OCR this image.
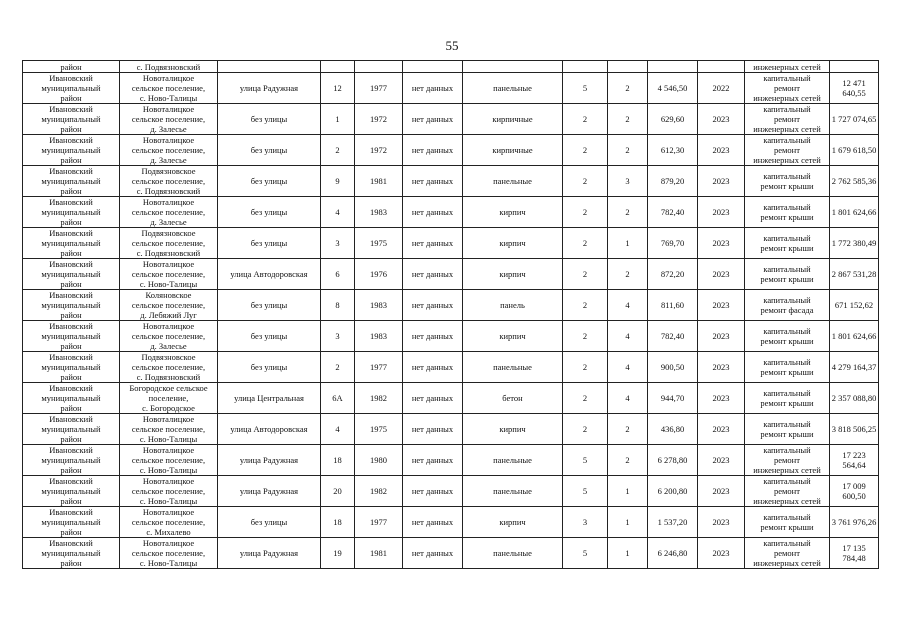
55
район	с. Подвязновский										инженерных сетей	

Ивановский
муниципальный
район	Новоталицкое
сельское поселение,
с. Ново-Талицы	улица Радужная	12	1977	нет данных	панельные	5	2	4 546,50	2022	капитальный
ремонт
инженерных сетей	12 471 640,55

Ивановский
муниципальный
район	Новоталицкое
сельское поселение,
д. Залесье	без улицы	1	1972	нет данных	кирпичные	2	2	629,60	2023	капитальный
ремонт
инженерных сетей	1 727 074,65

Ивановский
муниципальный
район	Новоталицкое
сельское поселение,
д. Залесье	без улицы	2	1972	нет данных	кирпичные	2	2	612,30	2023	капитальный
ремонт
инженерных сетей	1 679 618,50

Ивановский
муниципальный
район	Подвязновское
сельское поселение,
с. Подвязновский	без улицы	9	1981	нет данных	панельные	2	3	879,20	2023	капитальный
ремонт крыши	2 762 585,36

Ивановский
муниципальный
район	Новоталицкое
сельское поселение,
д. Залесье	без улицы	4	1983	нет данных	кирпич	2	2	782,40	2023	капитальный
ремонт крыши	1 801 624,66

Ивановский
муниципальный
район	Подвязновское
сельское поселение,
с. Подвязновский	без улицы	3	1975	нет данных	кирпич	2	1	769,70	2023	капитальный
ремонт крыши	1 772 380,49

Ивановский
муниципальный
район	Новоталицкое
сельское поселение,
с. Ново-Талицы	улица Автодоровская	6	1976	нет данных	кирпич	2	2	872,20	2023	капитальный
ремонт крыши	2 867 531,28

Ивановский
муниципальный
район	Коляновское
сельское поселение,
д. Лебяжий Луг	без улицы	8	1983	нет данных	панель	2	4	811,60	2023	капитальный
ремонт фасада	671 152,62

Ивановский
муниципальный
район	Новоталицкое
сельское поселение,
д. Залесье	без улицы	3	1983	нет данных	кирпич	2	4	782,40	2023	капитальный
ремонт крыши	1 801 624,66

Ивановский
муниципальный
район	Подвязновское
сельское поселение,
с. Подвязновский	без улицы	2	1977	нет данных	панельные	2	4	900,50	2023	капитальный
ремонт крыши	4 279 164,37

Ивановский
муниципальный
район	Богородское сельское
поселение,
с. Богородское	улица Центральная	6А	1982	нет данных	бетон	2	4	944,70	2023	капитальный
ремонт крыши	2 357 088,80

Ивановский
муниципальный
район	Новоталицкое
сельское поселение,
с. Ново-Талицы	улица Автодоровская	4	1975	нет данных	кирпич	2	2	436,80	2023	капитальный
ремонт крыши	3 818 506,25

Ивановский
муниципальный
район	Новоталицкое
сельское поселение,
с. Ново-Талицы	улица Радужная	18	1980	нет данных	панельные	5	2	6 278,80	2023	капитальный
ремонт
инженерных сетей	17 223 564,64

Ивановский
муниципальный
район	Новоталицкое
сельское поселение,
с. Ново-Талицы	улица Радужная	20	1982	нет данных	панельные	5	1	6 200,80	2023	капитальный
ремонт
инженерных сетей	17 009 600,50

Ивановский
муниципальный
район	Новоталицкое
сельское поселение,
с. Михалево	без улицы	18	1977	нет данных	кирпич	3	1	1 537,20	2023	капитальный
ремонт крыши	3 761 976,26

Ивановский
муниципальный
район	Новоталицкое
сельское поселение,
с. Ново-Талицы	улица Радужная	19	1981	нет данных	панельные	5	1	6 246,80	2023	капитальный
ремонт
инженерных сетей	17 135 784,48
